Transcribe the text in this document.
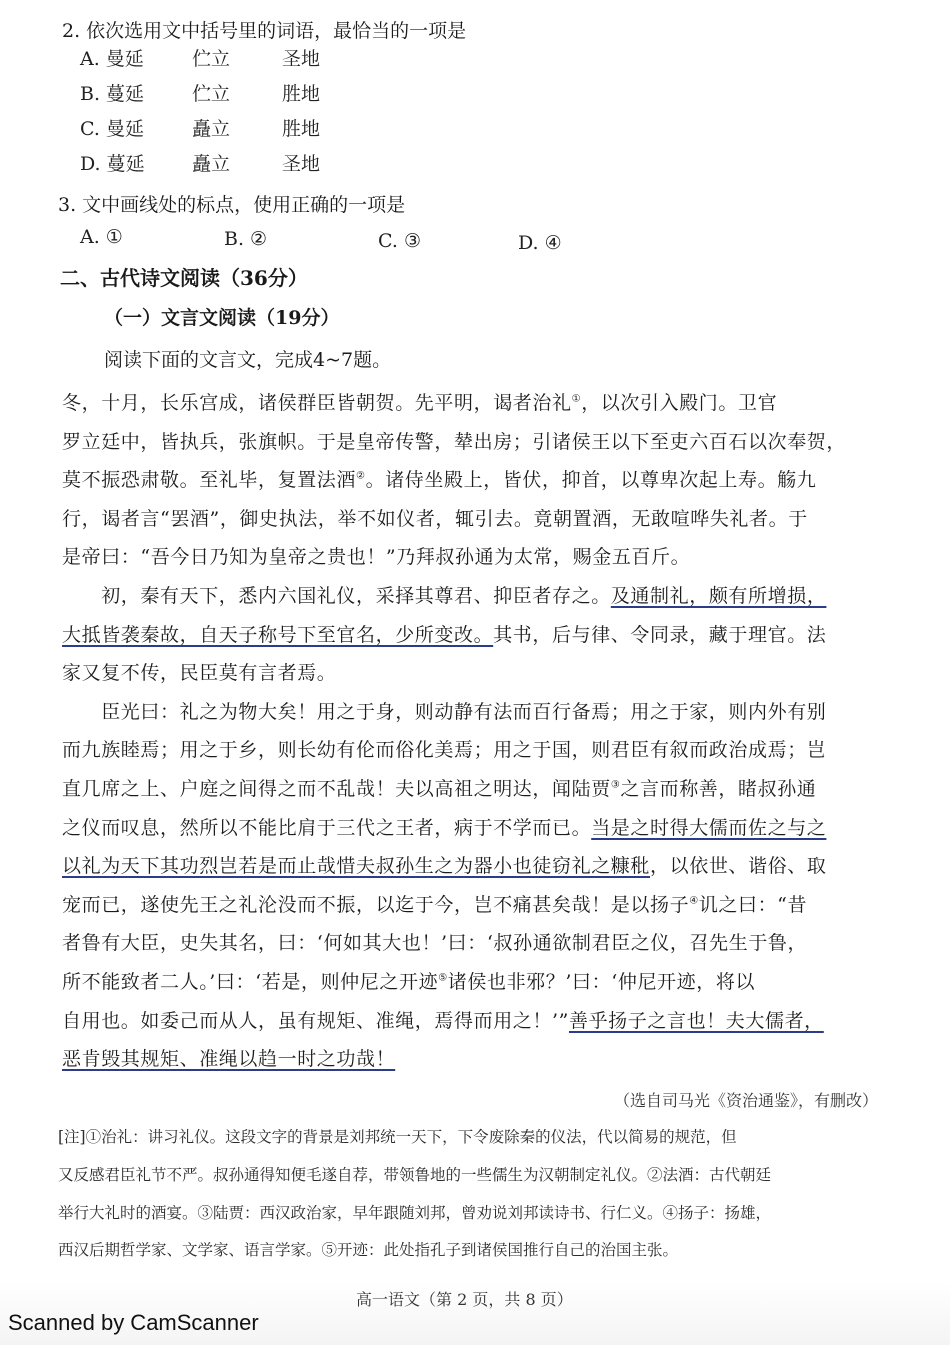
2. 依次选用文中括号里的词语，最恰当的一项是
A. 曼延	伫立	圣地
B. 蔓延	伫立	胜地
C. 曼延	矗立	胜地
D. 蔓延 矗立	圣地
3. 文中画线处的标点，使用正确的一项是
A. ①	B. ②	C. ③	D. ④
二、古代诗文阅读（36分）
（一）文言文阅读（19分）
阅读下面的文言文，完成4~7题。
冬，十月，长乐宫成，诸侯群臣皆朝贺。先平明，谒者治礼①，以次引入殿门。卫官
罗立廷中，皆执兵，张旗帜。于是皇帝传警，辇出房；引诸侯王以下至吏六百石以次奉贺，
莫不振恐肃敬。至礼毕，复置法酒②。诸侍坐殿上，皆伏，抑首，以尊卑次起上寿。觞九
行，谒者言“罢酒”，御史执法，举不如仪者，辄引去。竟朝置酒，无敢喧哗失礼者。于
是帝曰：“吾今日乃知为皇帝之贵也！”乃拜叔孙通为太常，赐金五百斤。
　　初，秦有天下，悉内六国礼仪，采择其尊君、抑臣者存之。及通制礼，颇有所增损，
大抵皆袭秦故，自天子称号下至官名，少所变改。其书，后与律、令同录，藏于理官。法
家又复不传，民臣莫有言者焉。
　　臣光曰：礼之为物大矣！用之于身，则动静有法而百行备焉；用之于家，则内外有别
而九族睦焉；用之于乡，则长幼有伦而俗化美焉；用之于国，则君臣有叙而政治成焉；岂
直几席之上、户庭之间得之而不乱哉！夫以高祖之明达，闻陆贾③之言而称善，睹叔孙通
之仪而叹息，然所以不能比肩于三代之王者，病于不学而已。当是之时得大儒而佐之与之
以礼为天下其功烈岂若是而止哉惜夫叔孙生之为器小也徒窃礼之糠秕，以依世、谐俗、取
宠而已，遂使先王之礼沦没而不振，以迄于今，岂不痛甚矣哉！是以扬子④讥之曰：“昔
者鲁有大臣，史失其名，曰：‘何如其大也！’曰：‘叔孙通欲制君臣之仪，召先生于鲁，
所不能致者二人。’曰：‘若是，则仲尼之开迹⑤诸侯也非邪？’曰：‘仲尼开迹，将以
自用也。如委己而从人，虽有规矩、准绳，焉得而用之！’”善乎扬子之言也！夫大儒者，
恶肯毁其规矩、准绳以趋一时之功哉！
（选自司马光《资治通鉴》，有删改）
[注]①治礼：讲习礼仪。这段文字的背景是刘邦统一天下，下令废除秦的仪法，代以简易的规范，但
又反感君臣礼节不严。叔孙通得知便毛遂自荐，带领鲁地的一些儒生为汉朝制定礼仪。②法酒：古代朝廷
举行大礼时的酒宴。③陆贾：西汉政治家，早年跟随刘邦，曾劝说刘邦读诗书、行仁义。④扬子：扬雄，
西汉后期哲学家、文学家、语言学家。⑤开迹：此处指孔子到诸侯国推行自己的治国主张。
高一语文（第 2 页，共 8 页）
Scanned by CamScanner
